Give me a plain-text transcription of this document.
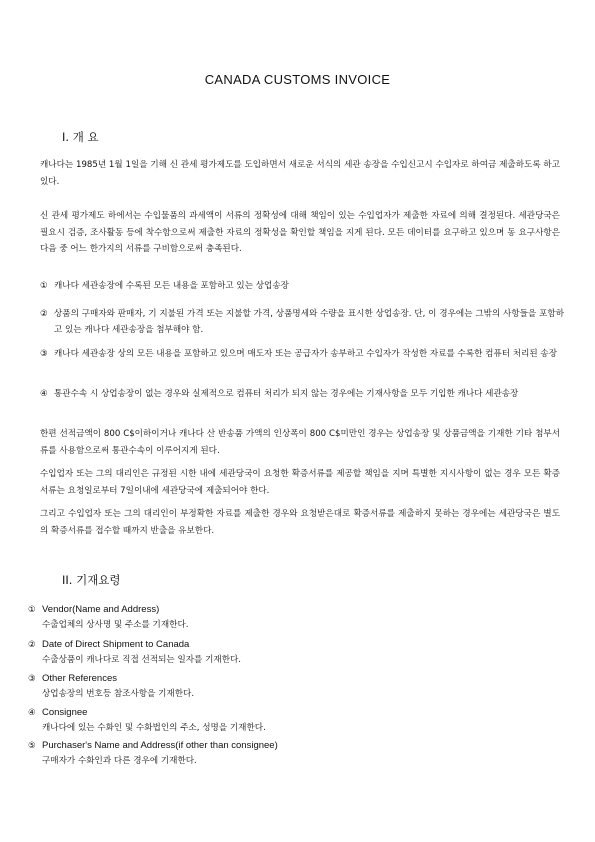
CANADA CUSTOMS INVOICE
I. 개 요

캐나다는 1985년 1월 1일을 기해 신 관세 평가제도를 도입하면서 새로운 서식의 세관 송장을 수입신고시 수입자로 하여금 제출하도록 하고 있다.

신 관세 평가제도 하에서는 수입물품의 과세액이 서류의 정확성에 대해 책임이 있는 수입업자가 제출한 자료에 의해 결정된다. 세관당국은 필요시 검증, 조사활동 등에 착수함으로써 제출한 자료의 정확성을 확인할 책임을 지게 된다. 모든 데이터를 요구하고 있으며 동 요구사항은 다음 중 어느 한가지의 서류를 구비함으로써 충족된다.

① 캐나다 세관송장에 수록된 모든 내용을 포함하고 있는 상업송장
② 상품의 구매자와 판매자, 기 지불된 가격 또는 지불할 가격, 상품명세와 수량을 표시한 상업송장. 단, 이 경우에는 그밖의 사항들을 포함하고 있는 캐나다 세관송장을 첨부해야 함.
③ 캐나다 세관송장 상의 모든 내용을 포함하고 있으며 매도자 또는 공급자가 송부하고 수입자가 작성한 자료를 수록한 컴퓨터 처리된 송장
④ 통관수속 시 상업송장이 없는 경우와 실제적으로 컴퓨터 처리가 되지 않는 경우에는 기재사항을 모두 기입한 캐나다 세관송장

한편 선적금액이 800 C$이하이거나 캐나다 산 반송품 가액의 인상폭이 800 C$미만인 경우는 상업송장 및 상품금액을 기재한 기타 첨부서류를 사용함으로써 통관수속이 이루어지게 된다.

수입업자 또는 그의 대리인은 규정된 시한 내에 세관당국이 요청한 확증서류를 제공할 책임을 지며 특별한 지시사항이 없는 경우 모든 확증서류는 요청일로부터 7일이내에 세관당국에 제출되어야 한다.

그리고 수입업자 또는 그의 대리인이 부정확한 자료를 제출한 경우와 요청받은대로 확증서류를 제출하지 못하는 경우에는 세관당국은 별도의 확증서류를 접수할 때까지 반출을 유보한다.

II. 기재요령
① Vendor(Name and Address)
수출업체의 상사명 및 주소를 기재한다.
② Date of Direct Shipment to Canada
수출상품이 캐나다로 직접 선적되는 일자를 기재한다.
③ Other References
상업송장의 번호등 참조사항을 기재한다.
④ Consignee
캐나다에 있는 수화인 및 수화법인의 주소, 성명을 기재한다.
⑤ Purchaser's Name and Address(if other than consignee)
구매자가 수화인과 다른 경우에 기재한다.
